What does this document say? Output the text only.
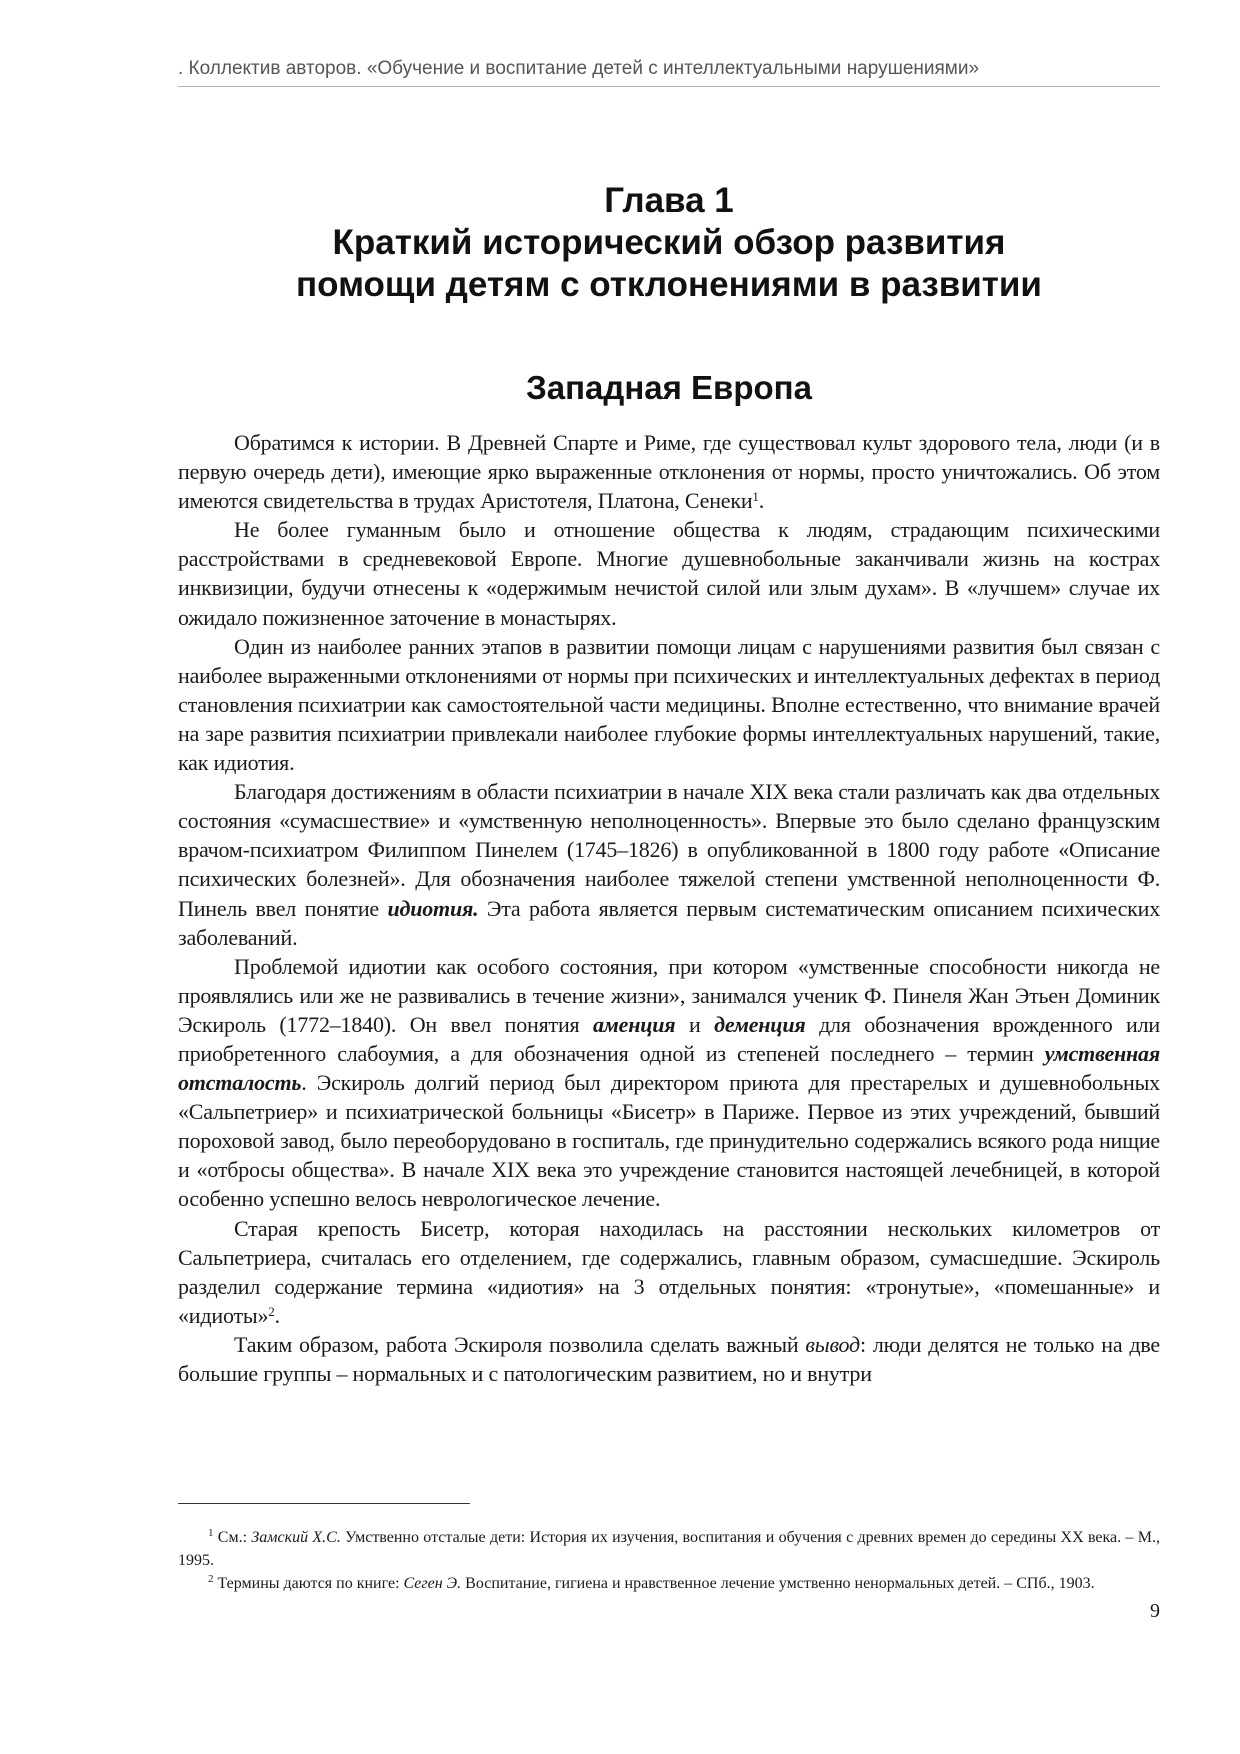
. Коллектив авторов. «Обучение и воспитание детей с интеллектуальными нарушениями»
Глава 1
Краткий исторический обзор развития
помощи детям с отклонениями в развитии
Западная Европа

Обратимся к истории. В Древней Спарте и Риме, где существовал культ здорового тела, люди (и в первую очередь дети), имеющие ярко выраженные отклонения от нормы, просто уничтожались. Об этом имеются свидетельства в трудах Аристотеля, Платона, Сенеки$^1$.

Не более гуманным было и отношение общества к людям, страдающим психическими расстройствами в средневековой Европе. Многие душевнобольные заканчивали жизнь на кострах инквизиции, будучи отнесены к «одержимым нечистой силой или злым духам». В «лучшем» случае их ожидало пожизненное заточение в монастырях.

Один из наиболее ранних этапов в развитии помощи лицам с нарушениями развития был связан с наиболее выраженными отклонениями от нормы при психических и интеллектуальных дефектах в период становления психиатрии как самостоятельной части медицины. Вполне естественно, что внимание врачей на заре развития психиатрии привлекали наиболее глубокие формы интеллектуальных нарушений, такие, как идиотия.

Благодаря достижениям в области психиатрии в начале XIX века стали различать как два отдельных состояния «сумасшествие» и «умственную неполноценность». Впервые это было сделано французским врачом-психиатром Филиппом Пинелем (1745–1826) в опубликованной в 1800 году работе «Описание психических болезней». Для обозначения наиболее тяжелой степени умственной неполноценности Ф. Пинель ввел понятие идиотия. Эта работа является первым систематическим описанием психических заболеваний.

Проблемой идиотии как особого состояния, при котором «умственные способности никогда не проявлялись или же не развивались в течение жизни», занимался ученик Ф. Пинеля Жан Этьен Доминик Эскироль (1772–1840). Он ввел понятия аменция и деменция для обозначения врожденного или приобретенного слабоумия, а для обозначения одной из степеней последнего – термин умственная отсталость. Эскироль долгий период был директором приюта для престарелых и душевнобольных «Сальпетриер» и психиатрической больницы «Бисетр» в Париже. Первое из этих учреждений, бывший пороховой завод, было переоборудовано в госпиталь, где принудительно содержались всякого рода нищие и «отбросы общества». В начале XIX века это учреждение становится настоящей лечебницей, в которой особенно успешно велось неврологическое лечение.

Старая крепость Бисетр, которая находилась на расстоянии нескольких километров от Сальпетриера, считалась его отделением, где содержались, главным образом, сумасшедшие. Эскироль разделил содержание термина «идиотия» на 3 отдельных понятия: «тронутые», «помешанные» и «идиоты»$^2$.

Таким образом, работа Эскироля позволила сделать важный вывод: люди делятся не только на две большие группы – нормальных и с патологическим развитием, но и внутри

$^1$ См.: Замский Х.С. Умственно отсталые дети: История их изучения, воспитания и обучения с древних времен до середины XX века. – М., 1995.

$^2$ Термины даются по книге: Сеген Э. Воспитание, гигиена и нравственное лечение умственно ненормальных детей. – СПб., 1903.

9
